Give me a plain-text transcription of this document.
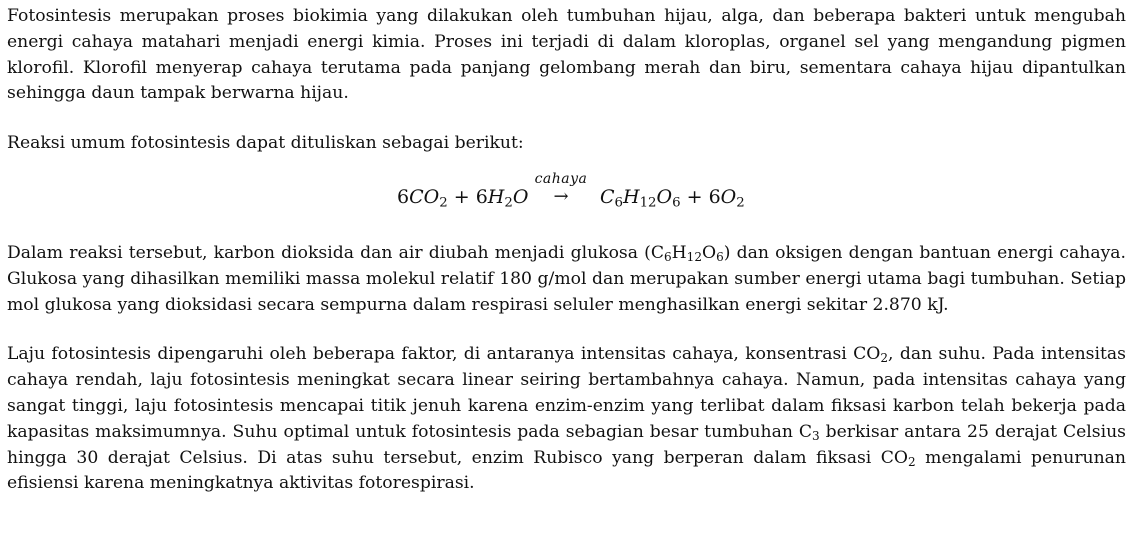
Fotosintesis merupakan proses biokimia yang dilakukan oleh tumbuhan hijau, alga, dan beberapa bakteri untuk mengubah energi cahaya matahari menjadi energi kimia. Proses ini terjadi di dalam kloroplas, organel sel yang mengandung pigmen klorofil. Klorofil menyerap cahaya terutama pada panjang gelombang merah dan biru, sementara cahaya hijau dipantulkan sehingga daun tampak berwarna hijau.

Reaksi umum fotosintesis dapat dituliskan sebagai berikut:

$6CO_2 + 6H_2O$
cahaya
→	$C_6H_{12}O_6 + 6O_2$

Dalam reaksi tersebut, karbon dioksida dan air diubah menjadi glukosa $(C_6H_{12}O_6)$ dan oksigen dengan bantuan energi cahaya. Glukosa yang dihasilkan memiliki massa molekul relatif 180 g/mol dan merupakan sumber energi utama bagi tumbuhan. Setiap mol glukosa yang dioksidasi secara sempurna dalam respirasi seluler menghasilkan energi sekitar 2.870 kJ.

Laju fotosintesis dipengaruhi oleh beberapa faktor, di antaranya intensitas cahaya, konsentrasi $CO_2$, dan suhu. Pada intensitas cahaya rendah, laju fotosintesis meningkat secara linear seiring bertambahnya cahaya. Namun, pada intensitas cahaya yang sangat tinggi, laju fotosintesis mencapai titik jenuh karena enzim-enzim yang terlibat dalam fiksasi karbon telah bekerja pada kapasitas maksimumnya. Suhu optimal untuk fotosintesis pada sebagian besar tumbuhan $C_3$ berkisar antara 25 derajat Celsius hingga 30 derajat Celsius. Di atas suhu tersebut, enzim Rubisco yang berperan dalam fiksasi $CO_2$ mengalami penurunan efisiensi karena meningkatnya aktivitas fotorespirasi.
